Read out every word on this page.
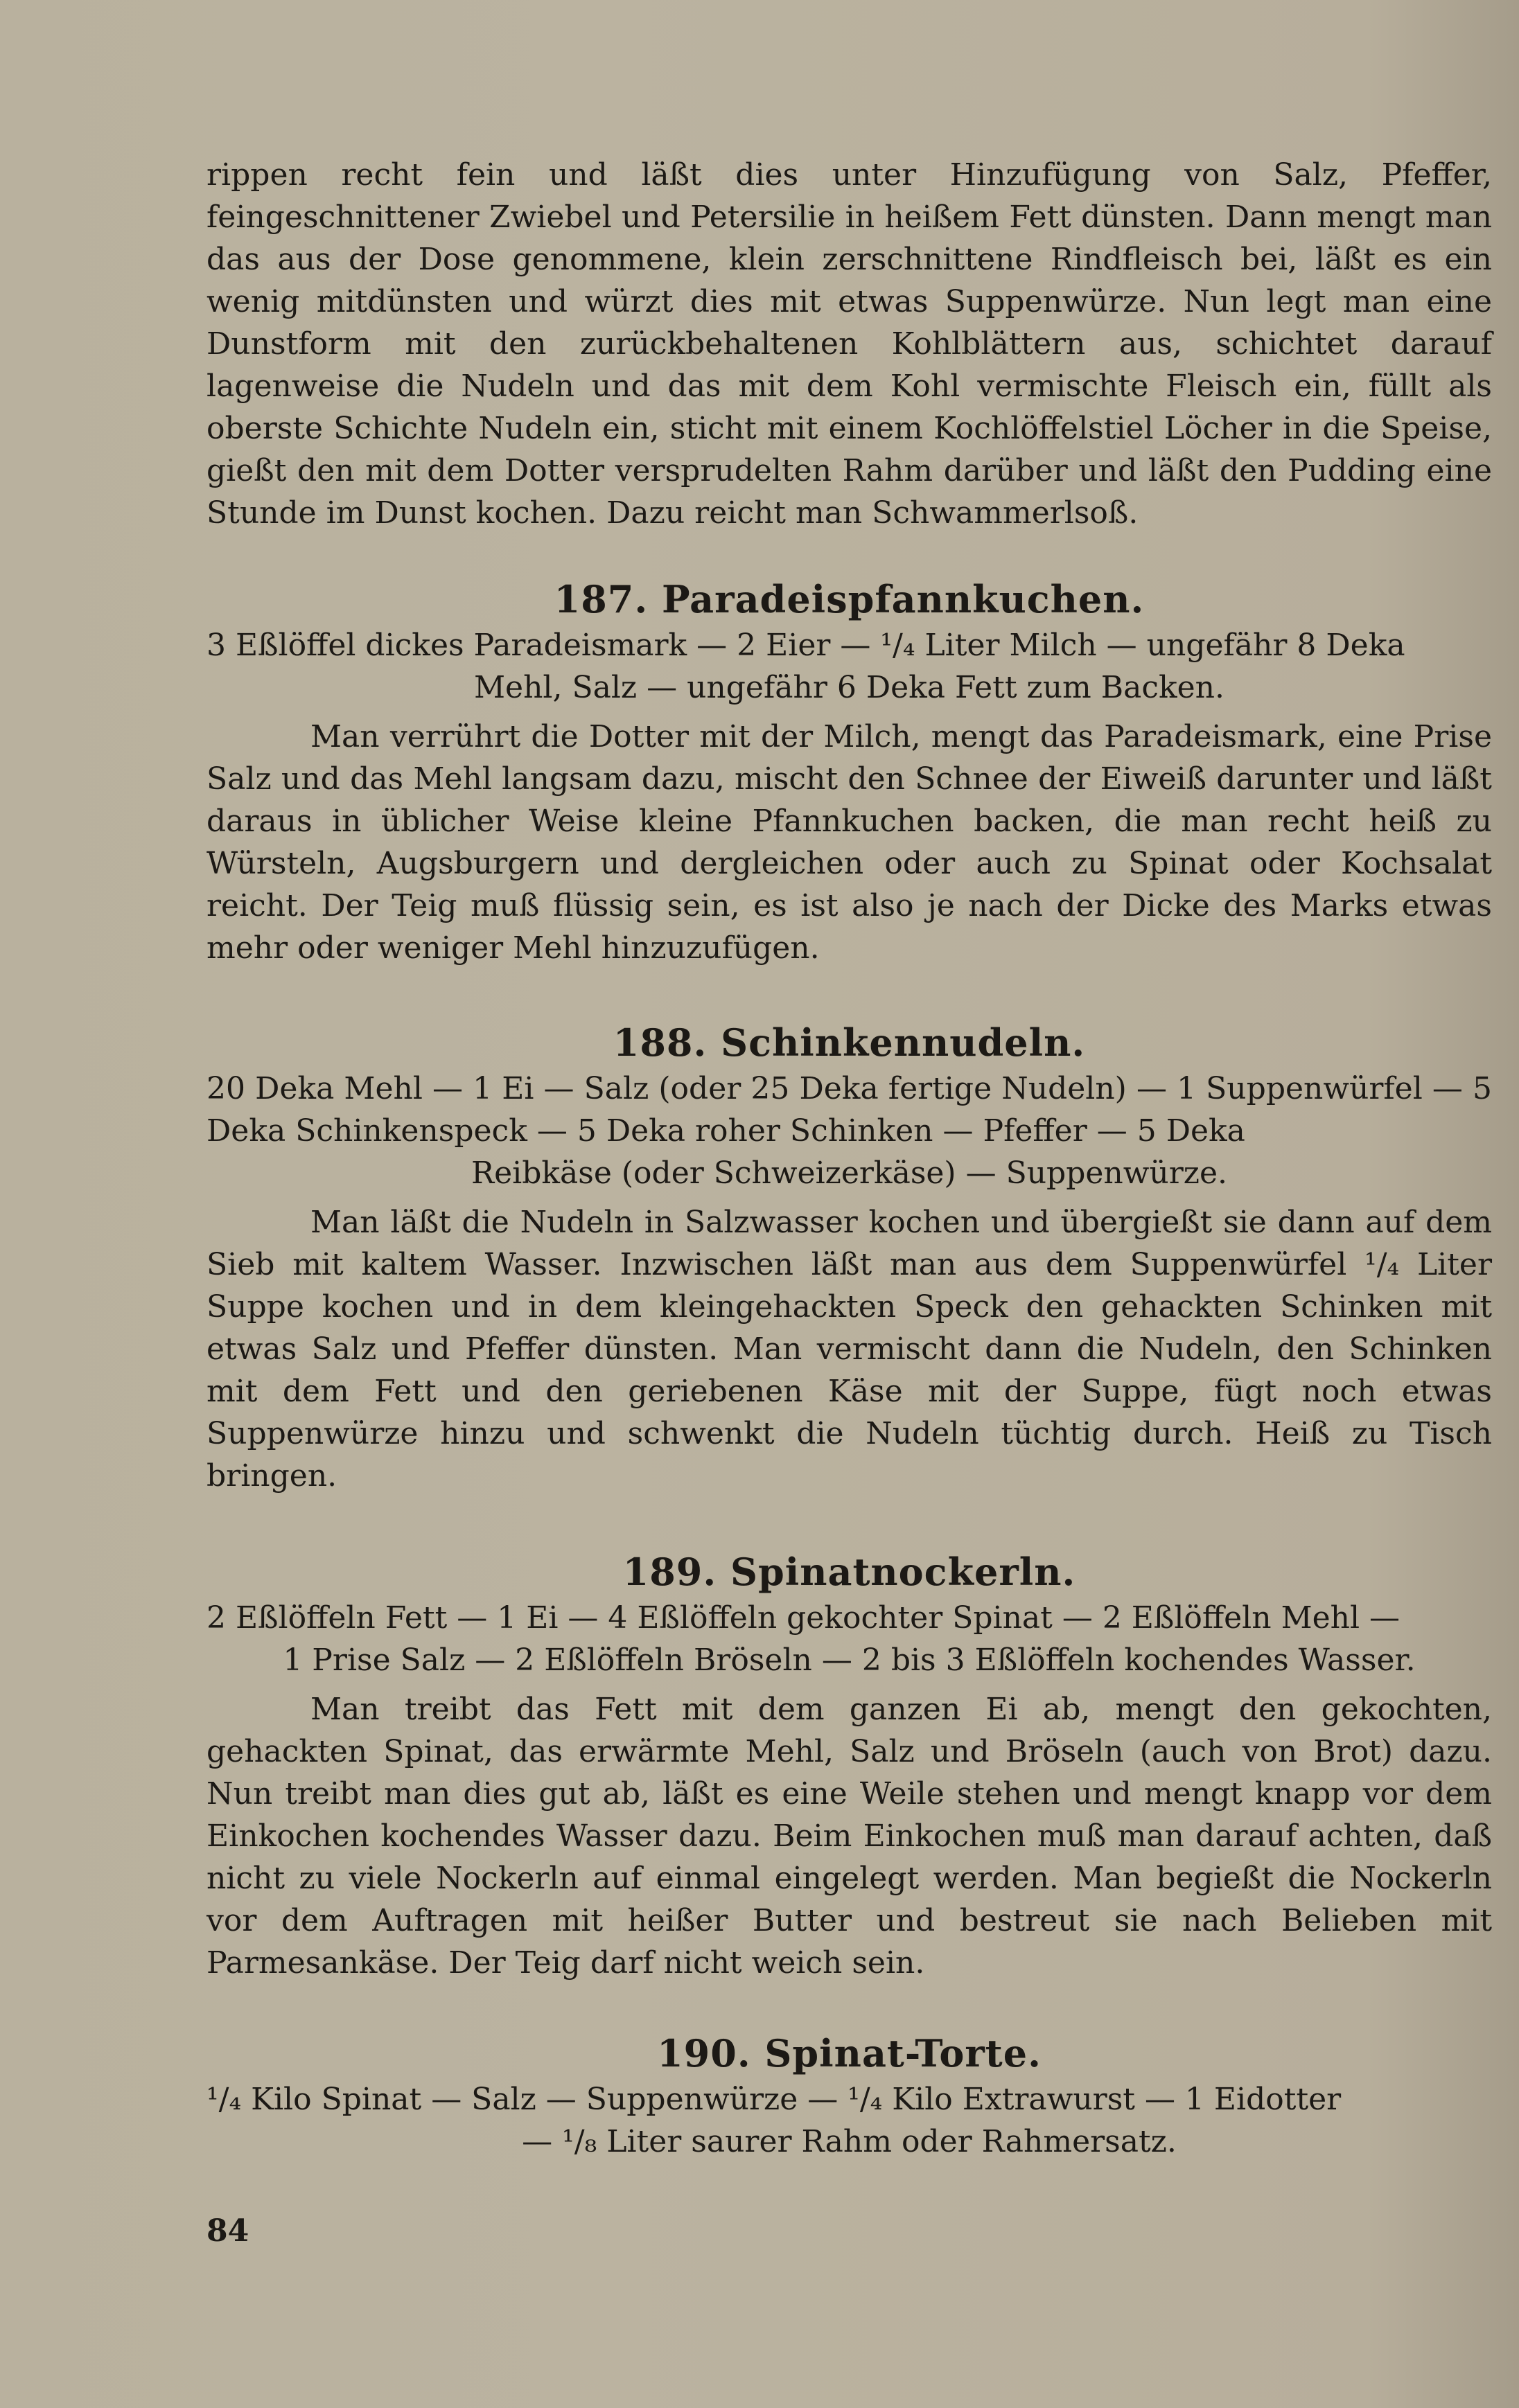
rippen recht fein und läßt dies unter Hinzufügung von Salz, Pfeffer, feingeschnittener Zwiebel und Petersilie in heißem Fett dünsten. Dann mengt man das aus der Dose genommene, klein zerschnittene Rindfleisch bei, läßt es ein wenig mitdünsten und würzt dies mit etwas Suppenwürze. Nun legt man eine Dunstform mit den zurückbehaltenen Kohlblättern aus, schichtet darauf lagenweise die Nudeln und das mit dem Kohl vermischte Fleisch ein, füllt als oberste Schichte Nudeln ein, sticht mit einem Kochlöffelstiel Löcher in die Speise, gießt den mit dem Dotter versprudelten Rahm darüber und läßt den Pudding eine Stunde im Dunst kochen. Dazu reicht man Schwammerlsoß.

187. Paradeispfannkuchen.

3 Eßlöffel dickes Paradeismark — 2 Eier — ¹/₄ Liter Milch — ungefähr 8 Deka
Mehl, Salz — ungefähr 6 Deka Fett zum Backen.

Man verrührt die Dotter mit der Milch, mengt das Paradeismark, eine Prise Salz und das Mehl langsam dazu, mischt den Schnee der Eiweiß darunter und läßt daraus in üblicher Weise kleine Pfannkuchen backen, die man recht heiß zu Würsteln, Augsburgern und dergleichen oder auch zu Spinat oder Kochsalat reicht. Der Teig muß flüssig sein, es ist also je nach der Dicke des Marks etwas mehr oder weniger Mehl hinzuzufügen.

188. Schinkennudeln.

20 Deka Mehl — 1 Ei — Salz (oder 25 Deka fertige Nudeln) — 1 Suppenwürfel — 5 Deka Schinkenspeck — 5 Deka roher Schinken — Pfeffer — 5 Deka
Reibkäse (oder Schweizerkäse) — Suppenwürze.

Man läßt die Nudeln in Salzwasser kochen und übergießt sie dann auf dem Sieb mit kaltem Wasser. Inzwischen läßt man aus dem Suppenwürfel ¹/₄ Liter Suppe kochen und in dem kleingehackten Speck den gehackten Schinken mit etwas Salz und Pfeffer dünsten. Man vermischt dann die Nudeln, den Schinken mit dem Fett und den geriebenen Käse mit der Suppe, fügt noch etwas Suppenwürze hinzu und schwenkt die Nudeln tüchtig durch. Heiß zu Tisch bringen.

189. Spinatnockerln.

2 Eßlöffeln Fett — 1 Ei — 4 Eßlöffeln gekochter Spinat — 2 Eßlöffeln Mehl —
1 Prise Salz — 2 Eßlöffeln Bröseln — 2 bis 3 Eßlöffeln kochendes Wasser.

Man treibt das Fett mit dem ganzen Ei ab, mengt den gekochten, gehackten Spinat, das erwärmte Mehl, Salz und Bröseln (auch von Brot) dazu. Nun treibt man dies gut ab, läßt es eine Weile stehen und mengt knapp vor dem Einkochen kochendes Wasser dazu. Beim Einkochen muß man darauf achten, daß nicht zu viele Nockerln auf einmal eingelegt werden. Man begießt die Nockerln vor dem Auftragen mit heißer Butter und bestreut sie nach Belieben mit Parmesankäse. Der Teig darf nicht weich sein.

190. Spinat-Torte.

¹/₄ Kilo Spinat — Salz — Suppenwürze — ¹/₄ Kilo Extrawurst — 1 Eidotter
— ¹/₈ Liter saurer Rahm oder Rahmersatz.

84
